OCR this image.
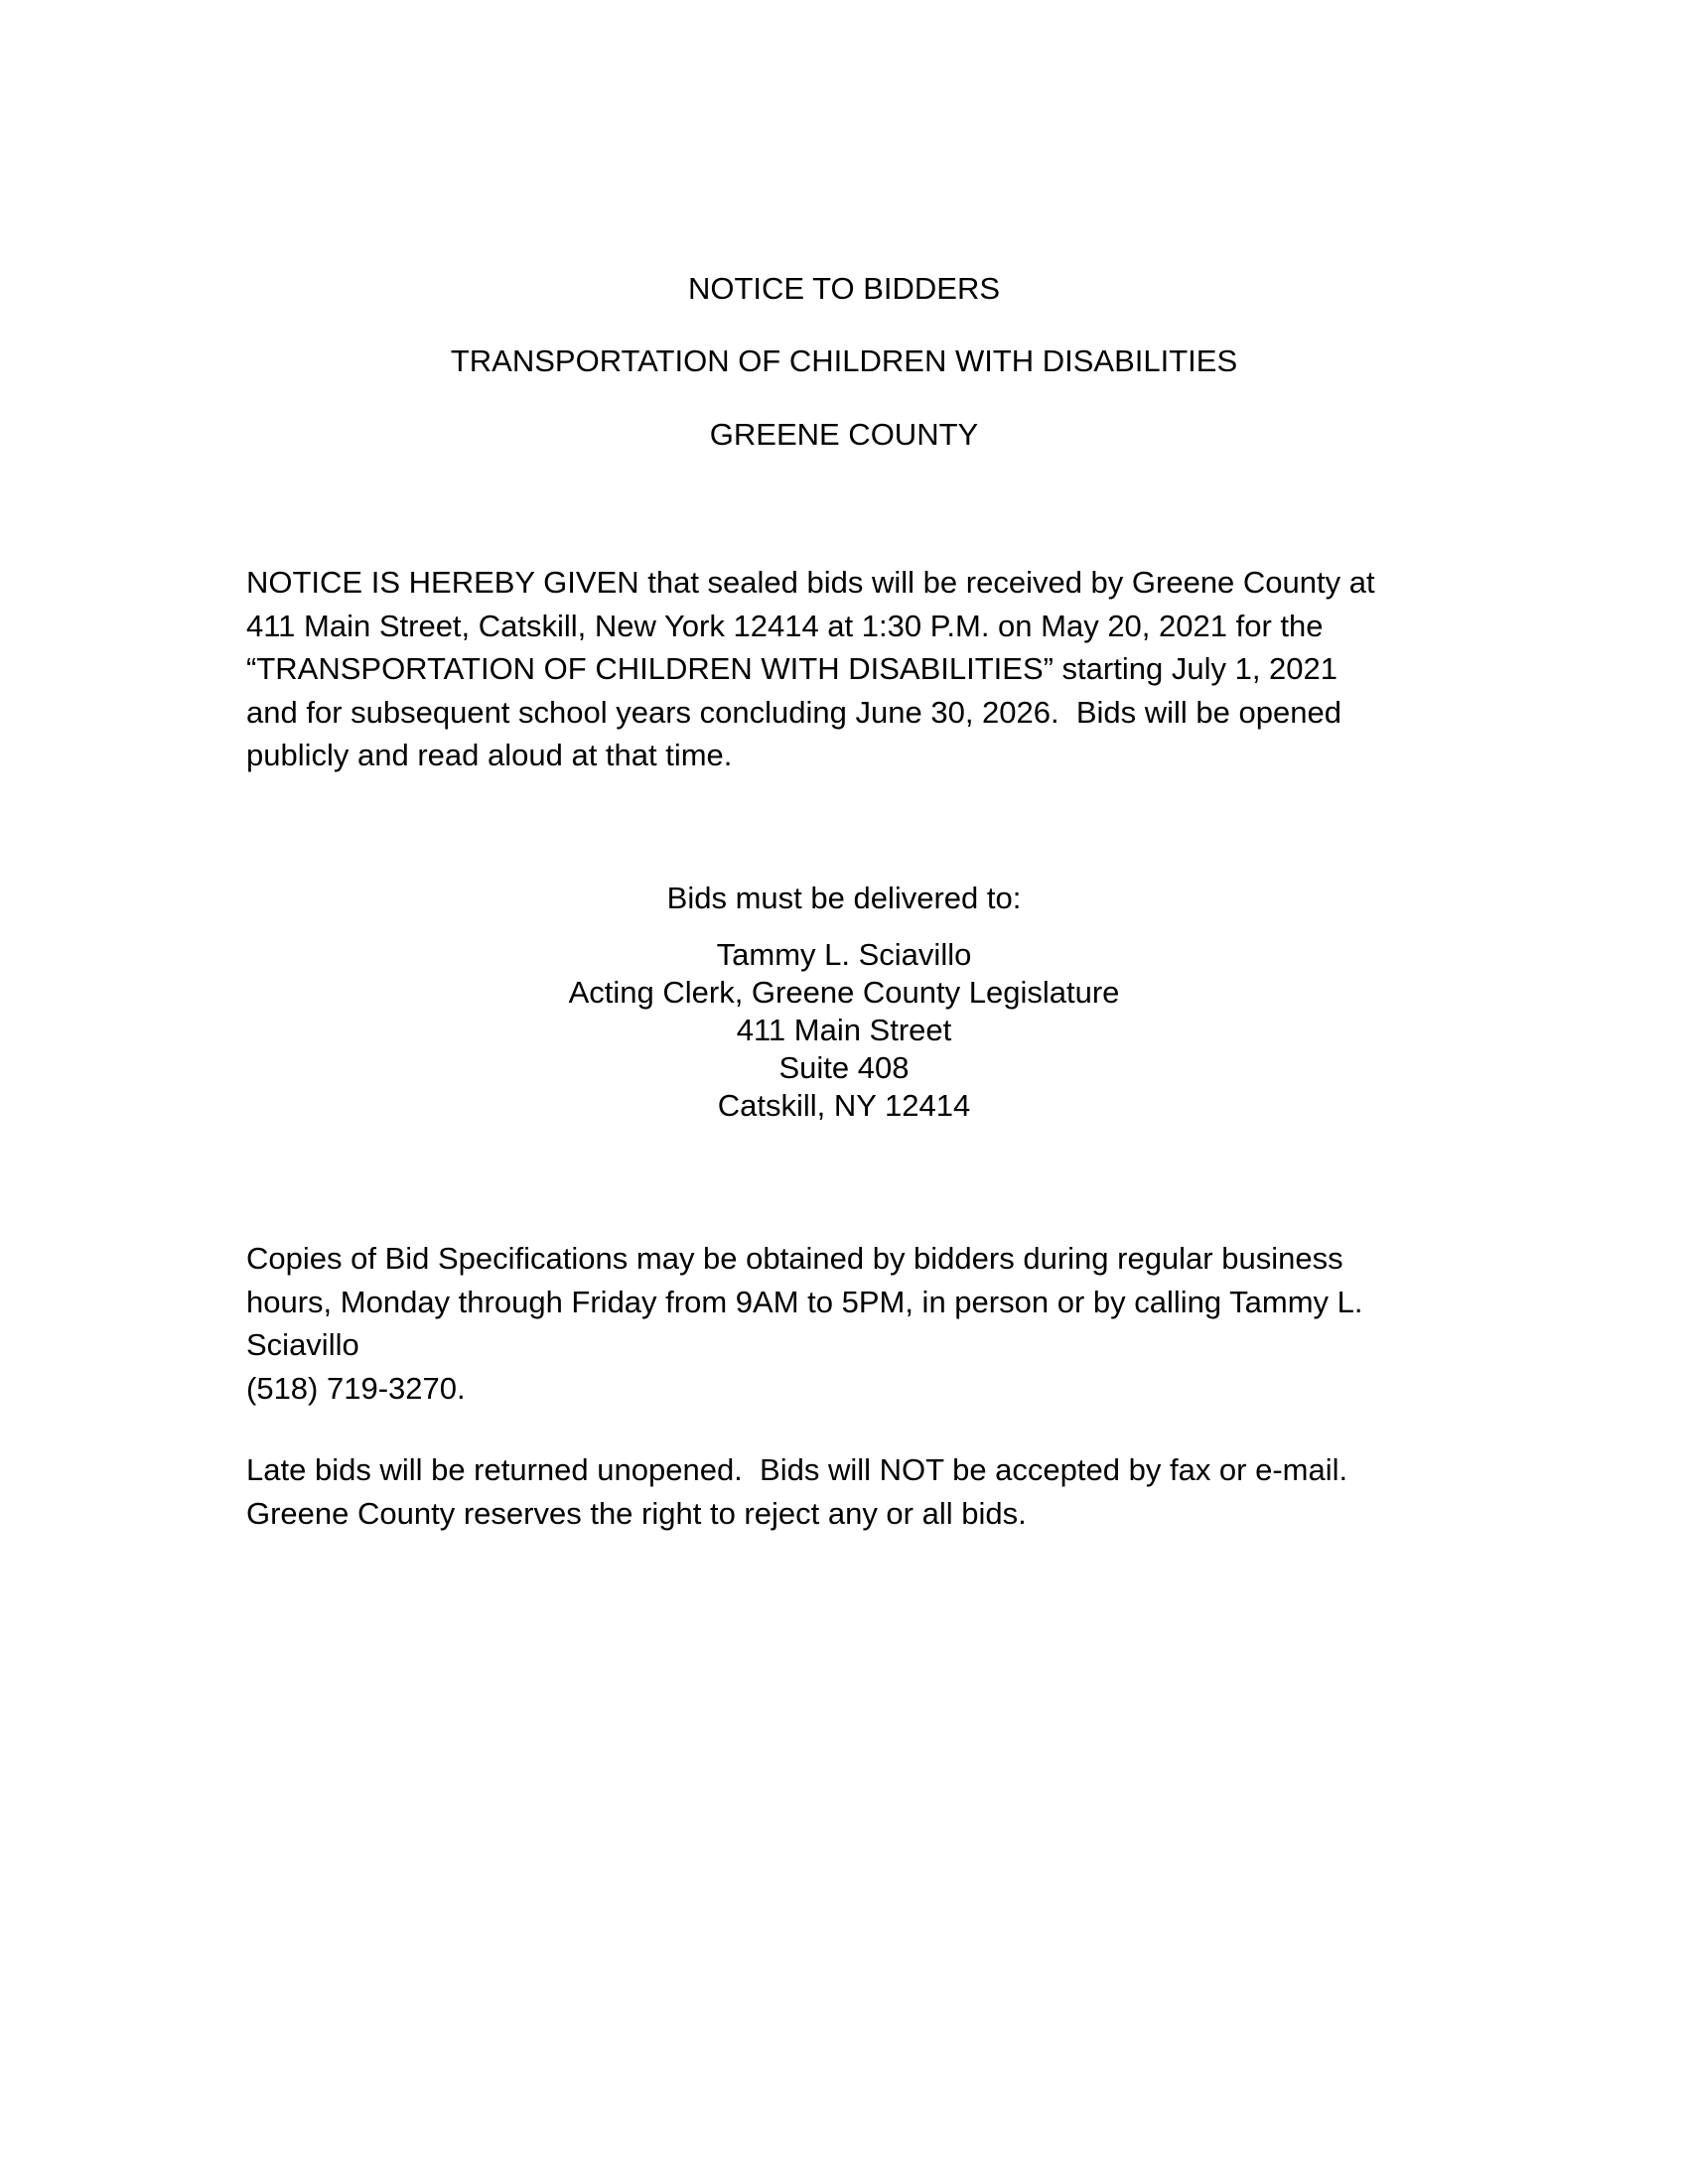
NOTICE TO BIDDERS
TRANSPORTATION OF CHILDREN WITH DISABILITIES
GREENE COUNTY
NOTICE IS HEREBY GIVEN that sealed bids will be received by Greene County at
411 Main Street, Catskill, New York 12414 at 1:30 P.M. on May 20, 2021 for the
“TRANSPORTATION OF CHILDREN WITH DISABILITIES” starting July 1, 2021
and for subsequent school years concluding June 30, 2026.  Bids will be opened
publicly and read aloud at that time.
Bids must be delivered to:
Tammy L. Sciavillo
Acting Clerk, Greene County Legislature
411 Main Street
Suite 408
Catskill, NY 12414
Copies of Bid Specifications may be obtained by bidders during regular business
hours, Monday through Friday from 9AM to 5PM, in person or by calling Tammy L.
Sciavillo
(518) 719-3270.
Late bids will be returned unopened.  Bids will NOT be accepted by fax or e-mail.
Greene County reserves the right to reject any or all bids.
